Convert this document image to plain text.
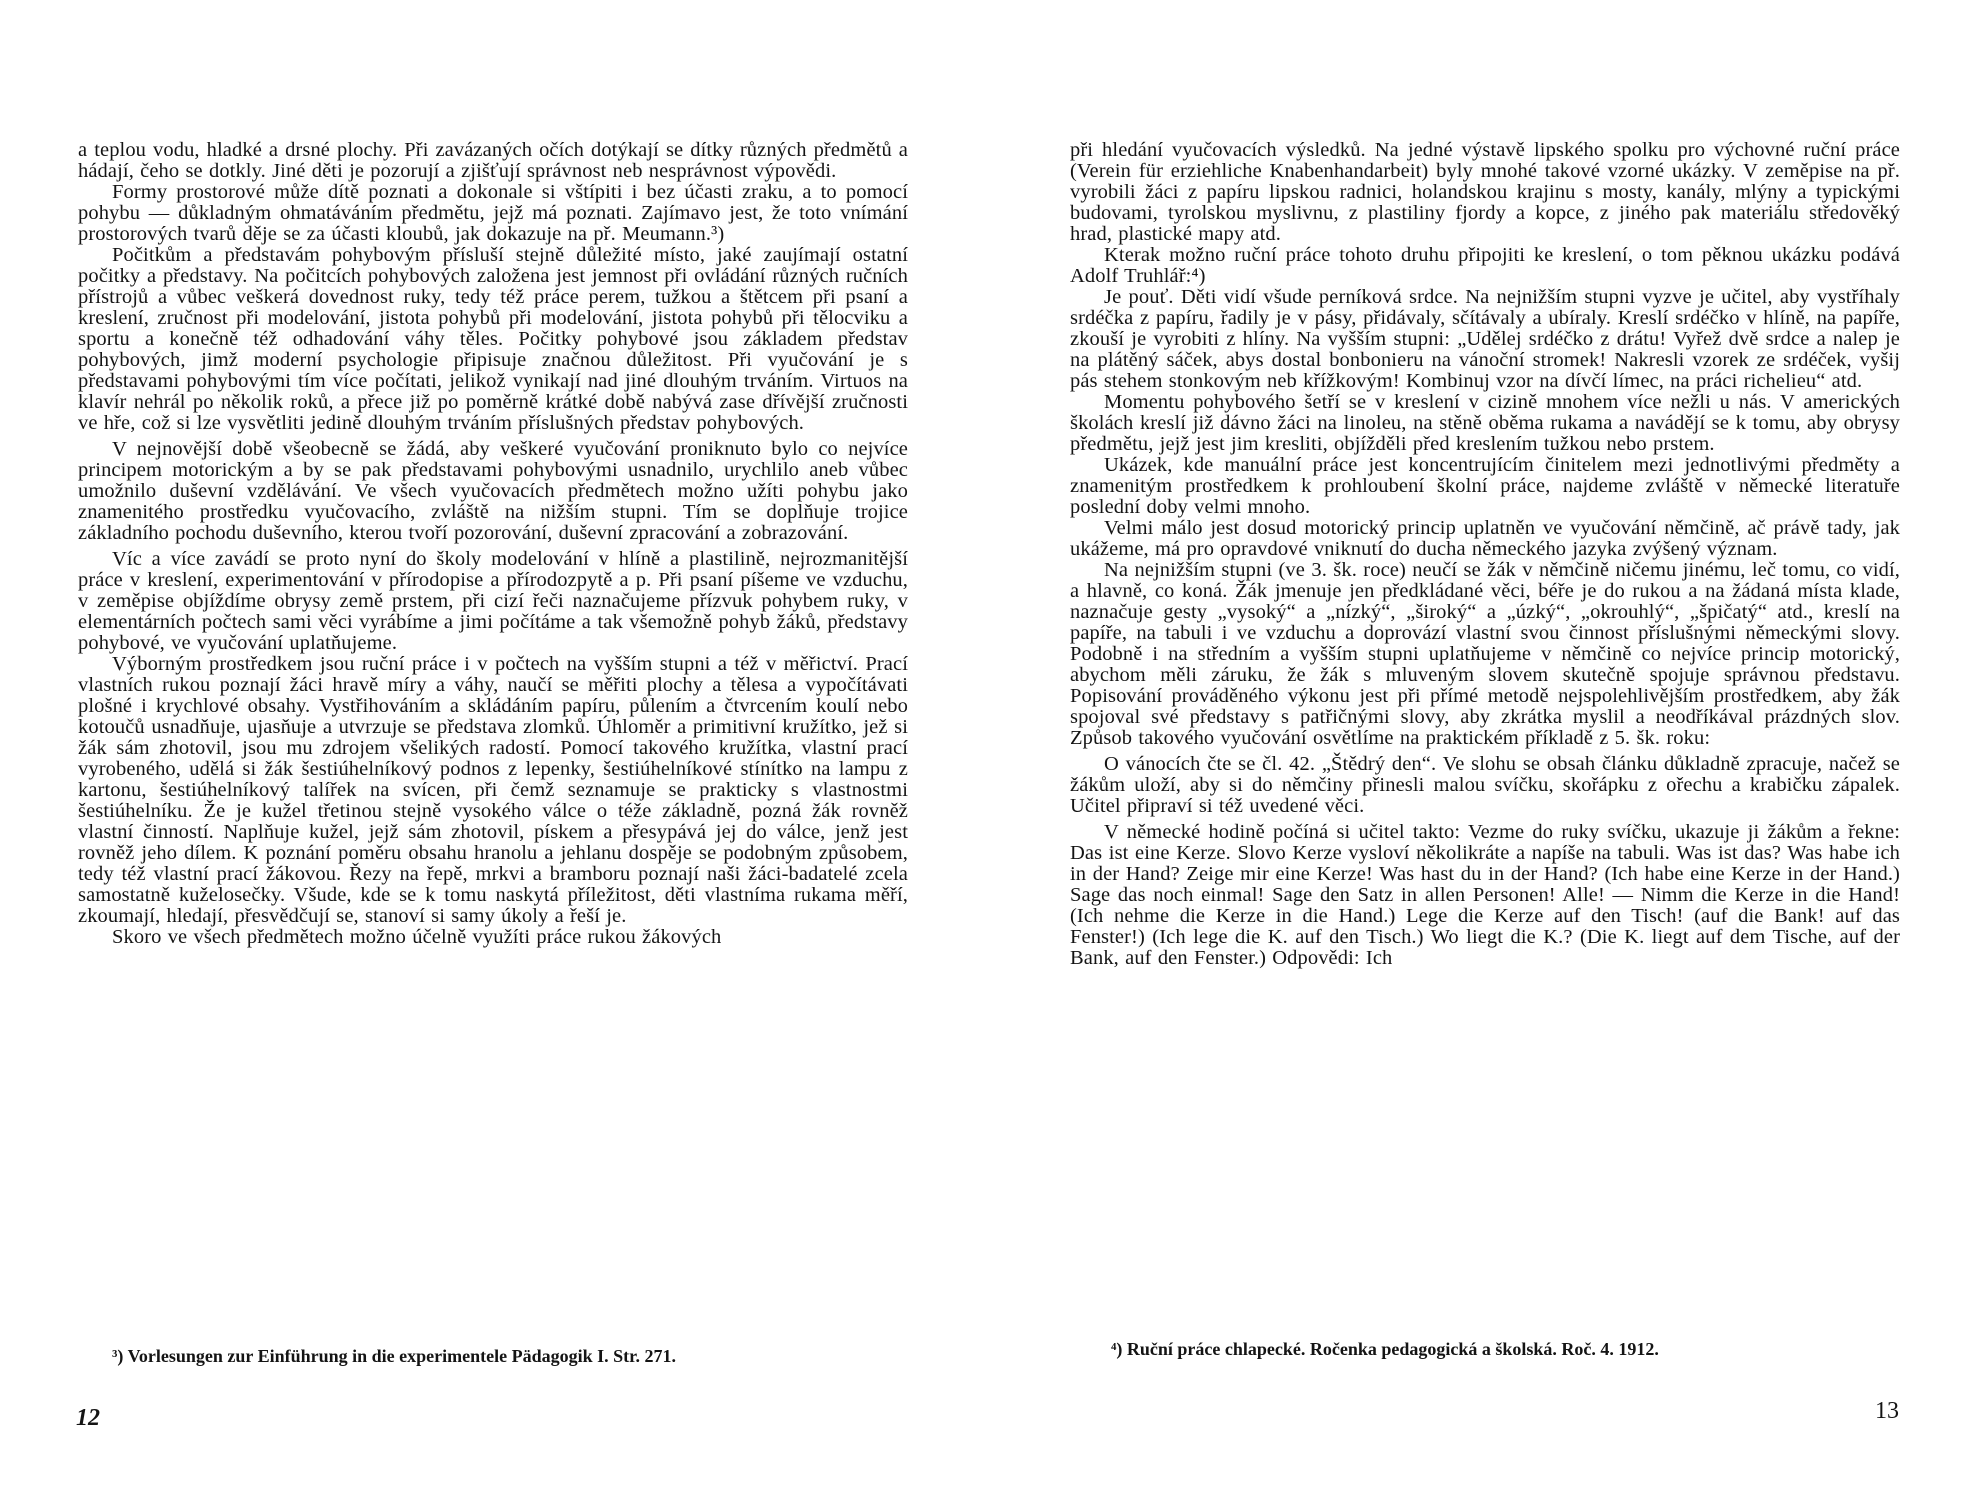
a teplou vodu, hladké a drsné plochy. Při zavázaných očích dotýkají se dítky různých předmětů a hádají, čeho se dotkly. Jiné děti je pozorují a zjišťují správnost neb nesprávnost výpovědi.

Formy prostorové může dítě poznati a dokonale si vštípiti i bez účasti zraku, a to pomocí pohybu — důkladným ohmatáváním předmětu, jejž má poznati. Zajímavo jest, že toto vnímání prostorových tvarů děje se za účasti kloubů, jak dokazuje na př. Meumann.³)

Počitkům a představám pohybovým přísluší stejně důležité místo, jaké zaujímají ostatní počitky a představy. Na počitcích pohybových založena jest jemnost při ovládání různých ručních přístrojů a vůbec veškerá dovednost ruky, tedy též práce perem, tužkou a štětcem při psaní a kreslení, zručnost při modelování, jistota pohybů při modelování, jistota pohybů při tělocviku a sportu a konečně též odhadování váhy těles. Počitky pohybové jsou základem představ pohybových, jimž moderní psychologie připisuje značnou důležitost. Při vyučování je s představami pohybovými tím více počítati, jelikož vynikají nad jiné dlouhým trváním. Virtuos na klavír nehrál po několik roků, a přece již po poměrně krátké době nabývá zase dřívější zručnosti ve hře, což si lze vysvětliti jedině dlouhým trváním příslušných představ pohybových.

V nejnovější době všeobecně se žádá, aby veškeré vyučování proniknuto bylo co nejvíce principem motorickým a by se pak představami pohybovými usnadnilo, urychlilo aneb vůbec umožnilo duševní vzdělávání. Ve všech vyučovacích předmětech možno užíti pohybu jako znamenitého prostředku vyučovacího, zvláště na nižším stupni. Tím se doplňuje trojice základního pochodu duševního, kterou tvoří pozorování, duševní zpracování a zobrazování.

Víc a více zavádí se proto nyní do školy modelování v hlíně a plastilině, nejrozmanitější práce v kreslení, experimentování v přírodopise a přírodozpytě a p. Při psaní píšeme ve vzduchu, v zeměpise objíždíme obrysy země prstem, při cizí řeči naznačujeme přízvuk pohybem ruky, v elementárních počtech sami věci vyrábíme a jimi počítáme a tak všemožně pohyb žáků, představy pohybové, ve vyučování uplatňujeme.

Výborným prostředkem jsou ruční práce i v počtech na vyšším stupni a též v měřictví. Prací vlastních rukou poznají žáci hravě míry a váhy, naučí se měřiti plochy a tělesa a vypočítávati plošné i krychlové obsahy. Vystřihováním a skládáním papíru, půlením a čtvrcením koulí nebo kotoučů usnadňuje, ujasňuje a utvrzuje se představa zlomků. Úhloměr a primitivní kružítko, jež si žák sám zhotovil, jsou mu zdrojem všelikých radostí. Pomocí takového kružítka, vlastní prací vyrobeného, udělá si žák šestiúhelníkový podnos z lepenky, šestiúhelníkové stínítko na lampu z kartonu, šestiúhelníkový talířek na svícen, při čemž seznamuje se prakticky s vlastnostmi šestiúhelníku. Že je kužel třetinou stejně vysokého válce o téže základně, pozná žák rovněž vlastní činností. Naplňuje kužel, jejž sám zhotovil, pískem a přesypává jej do válce, jenž jest rovněž jeho dílem. K poznání poměru obsahu hranolu a jehlanu dospěje se podobným způsobem, tedy též vlastní prací žákovou. Řezy na řepě, mrkvi a bramboru poznají naši žáci-badatelé zcela samostatně kuželosečky. Všude, kde se k tomu naskytá příležitost, děti vlastníma rukama měří, zkoumají, hledají, přesvědčují se, stanoví si samy úkoly a řeší je.

Skoro ve všech předmětech možno účelně využíti práce rukou žákových

³) Vorlesungen zur Einführung in die experimentele Pädagogik I. Str. 271.
12

při hledání vyučovacích výsledků. Na jedné výstavě lipského spolku pro výchovné ruční práce (Verein für erziehliche Knabenhandarbeit) byly mnohé takové vzorné ukázky. V zeměpise na př. vyrobili žáci z papíru lipskou radnici, holandskou krajinu s mosty, kanály, mlýny a typickými budovami, tyrolskou myslivnu, z plastiliny fjordy a kopce, z jiného pak materiálu středověký hrad, plastické mapy atd.

Kterak možno ruční práce tohoto druhu připojiti ke kreslení, o tom pěknou ukázku podává Adolf Truhlář:⁴)

Je pouť. Děti vidí všude perníková srdce. Na nejnižším stupni vyzve je učitel, aby vystříhaly srdéčka z papíru, řadily je v pásy, přidávaly, sčítávaly a ubíraly. Kreslí srdéčko v hlíně, na papíře, zkouší je vyrobiti z hlíny. Na vyšším stupni: „Udělej srdéčko z drátu! Vyřež dvě srdce a nalep je na plátěný sáček, abys dostal bonbonieru na vánoční stromek! Nakresli vzorek ze srdéček, vyšij pás stehem stonkovým neb křížkovým! Kombinuj vzor na dívčí límec, na práci richelieu“ atd.

Momentu pohybového šetří se v kreslení v cizině mnohem více nežli u nás. V amerických školách kreslí již dávno žáci na linoleu, na stěně oběma rukama a navádějí se k tomu, aby obrysy předmětu, jejž jest jim kresliti, objížděli před kreslením tužkou nebo prstem.

Ukázek, kde manuální práce jest koncentrujícím činitelem mezi jednotlivými předměty a znamenitým prostředkem k prohloubení školní práce, najdeme zvláště v německé literatuře poslední doby velmi mnoho.

Velmi málo jest dosud motorický princip uplatněn ve vyučování němčině, ač právě tady, jak ukážeme, má pro opravdové vniknutí do ducha německého jazyka zvýšený význam.

Na nejnižším stupni (ve 3. šk. roce) neučí se žák v němčině ničemu jinému, leč tomu, co vidí, a hlavně, co koná. Žák jmenuje jen předkládané věci, béře je do rukou a na žádaná místa klade, naznačuje gesty „vysoký“ a „nízký“, „široký“ a „úzký“, „okrouhlý“, „špičatý“ atd., kreslí na papíře, na tabuli i ve vzduchu a doprovází vlastní svou činnost příslušnými německými slovy. Podobně i na středním a vyšším stupni uplatňujeme v němčině co nejvíce princip motorický, abychom měli záruku, že žák s mluveným slovem skutečně spojuje správnou představu. Popisování prováděného výkonu jest při přímé metodě nejspolehlivějším prostředkem, aby žák spojoval své představy s patřičnými slovy, aby zkrátka myslil a neodříkával prázdných slov. Způsob takového vyučování osvětlíme na praktickém příkladě z 5. šk. roku:

O vánocích čte se čl. 42. „Štědrý den“. Ve slohu se obsah článku důkladně zpracuje, načež se žákům uloží, aby si do němčiny přinesli malou svíčku, skořápku z ořechu a krabičku zápalek. Učitel připraví si též uvedené věci.

V německé hodině počíná si učitel takto: Vezme do ruky svíčku, ukazuje ji žákům a řekne: Das ist eine Kerze. Slovo Kerze vysloví několikráte a napíše na tabuli. Was ist das? Was habe ich in der Hand? Zeige mir eine Kerze! Was hast du in der Hand? (Ich habe eine Kerze in der Hand.) Sage das noch einmal! Sage den Satz in allen Personen! Alle! — Nimm die Kerze in die Hand! (Ich nehme die Kerze in die Hand.) Lege die Kerze auf den Tisch! (auf die Bank! auf das Fenster!) (Ich lege die K. auf den Tisch.) Wo liegt die K.? (Die K. liegt auf dem Tische, auf der Bank, auf den Fenster.) Odpovědi: Ich

⁴) Ruční práce chlapecké. Ročenka pedagogická a školská. Roč. 4. 1912.
13
